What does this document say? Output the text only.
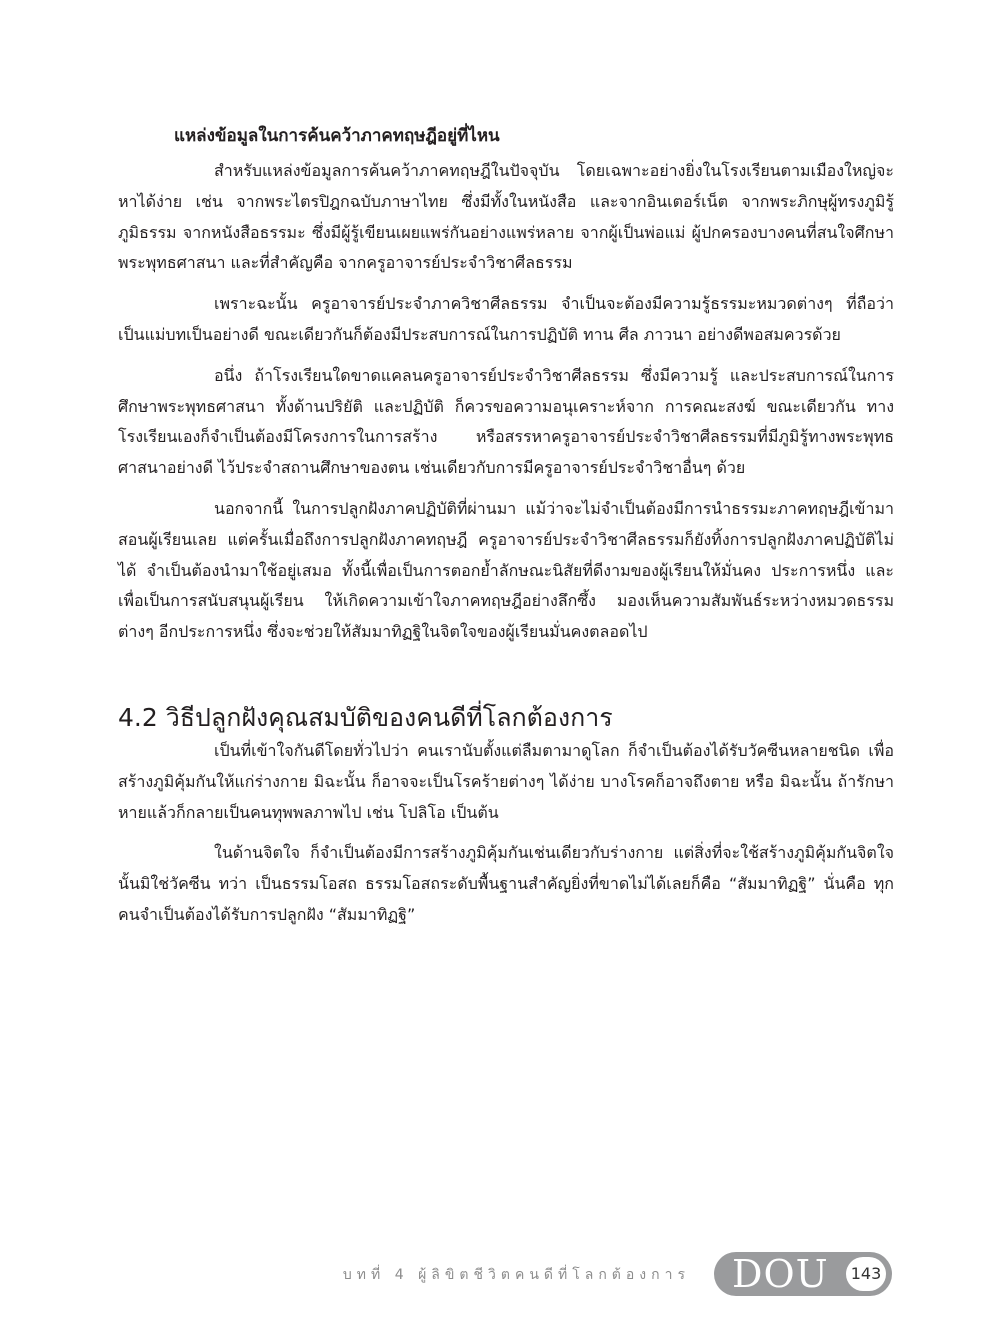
แหล่งข้อมูลในการค้นคว้าภาคทฤษฎีอยู่ที่ไหน

สำหรับแหล่งข้อมูลการค้นคว้าภาคทฤษฎีในปัจจุบัน โดยเฉพาะอย่างยิ่งในโรงเรียนตามเมืองใหญ่จะหาได้ง่าย เช่น จากพระไตรปิฎกฉบับภาษาไทย ซึ่งมีทั้งในหนังสือ และจากอินเตอร์เน็ต จากพระภิกษุผู้ทรงภูมิรู้ภูมิธรรม จากหนังสือธรรมะ ซึ่งมีผู้รู้เขียนเผยแพร่กันอย่างแพร่หลาย จากผู้เป็นพ่อแม่ ผู้ปกครองบางคนที่สนใจศึกษาพระพุทธศาสนา และที่สำคัญคือ จากครูอาจารย์ประจำวิชาศีลธรรม

เพราะฉะนั้น ครูอาจารย์ประจำภาควิชาศีลธรรม จำเป็นจะต้องมีความรู้ธรรมะหมวดต่างๆ ที่ถือว่าเป็นแม่บทเป็นอย่างดี ขณะเดียวกันก็ต้องมีประสบการณ์ในการปฏิบัติ ทาน ศีล ภาวนา อย่างดีพอสมควรด้วย

อนึ่ง ถ้าโรงเรียนใดขาดแคลนครูอาจารย์ประจำวิชาศีลธรรม ซึ่งมีความรู้ และประสบการณ์ในการศึกษาพระพุทธศาสนา ทั้งด้านปริยัติ และปฏิบัติ ก็ควรขอความอนุเคราะห์จาก การคณะสงฆ์ ขณะเดียวกัน ทางโรงเรียนเองก็จำเป็นต้องมีโครงการในการสร้าง หรือสรรหาครูอาจารย์ประจำวิชาศีลธรรมที่มีภูมิรู้ทางพระพุทธศาสนาอย่างดี ไว้ประจำสถานศึกษาของตน เช่นเดียวกับการมีครูอาจารย์ประจำวิชาอื่นๆ ด้วย

นอกจากนี้ ในการปลูกฝังภาคปฏิบัติที่ผ่านมา แม้ว่าจะไม่จำเป็นต้องมีการนำธรรมะภาคทฤษฎีเข้ามาสอนผู้เรียนเลย แต่ครั้นเมื่อถึงการปลูกฝังภาคทฤษฎี ครูอาจารย์ประจำวิชาศีลธรรมก็ยังทิ้งการปลูกฝังภาคปฏิบัติไม่ได้ จำเป็นต้องนำมาใช้อยู่เสมอ ทั้งนี้เพื่อเป็นการตอกย้ำลักษณะนิสัยที่ดีงามของผู้เรียนให้มั่นคง ประการหนึ่ง และเพื่อเป็นการสนับสนุนผู้เรียน ให้เกิดความเข้าใจภาคทฤษฎีอย่างลึกซึ้ง มองเห็นความสัมพันธ์ระหว่างหมวดธรรมต่างๆ อีกประการหนึ่ง ซึ่งจะช่วยให้สัมมาทิฏฐิในจิตใจของผู้เรียนมั่นคงตลอดไป

4.2 วิธีปลูกฝังคุณสมบัติของคนดีที่โลกต้องการ

เป็นที่เข้าใจกันดีโดยทั่วไปว่า คนเรานับตั้งแต่ลืมตามาดูโลก ก็จำเป็นต้องได้รับวัคซีนหลายชนิด เพื่อสร้างภูมิคุ้มกันให้แก่ร่างกาย มิฉะนั้น ก็อาจจะเป็นโรคร้ายต่างๆ ได้ง่าย บางโรคก็อาจถึงตาย หรือ มิฉะนั้น ถ้ารักษาหายแล้วก็กลายเป็นคนทุพพลภาพไป เช่น โปลิโอ เป็นต้น

ในด้านจิตใจ ก็จำเป็นต้องมีการสร้างภูมิคุ้มกันเช่นเดียวกับร่างกาย แต่สิ่งที่จะใช้สร้างภูมิคุ้มกันจิตใจนั้นมิใช่วัคซีน ทว่า เป็นธรรมโอสถ ธรรมโอสถระดับพื้นฐานสำคัญยิ่งที่ขาดไม่ได้เลยก็คือ “สัมมาทิฏฐิ” นั่นคือ ทุกคนจำเป็นต้องได้รับการปลูกฝัง “สัมมาทิฏฐิ”

บทที่ 4 ผู้ลิขิตชีวิตคนดีที่โลกต้องการ DOU 143
